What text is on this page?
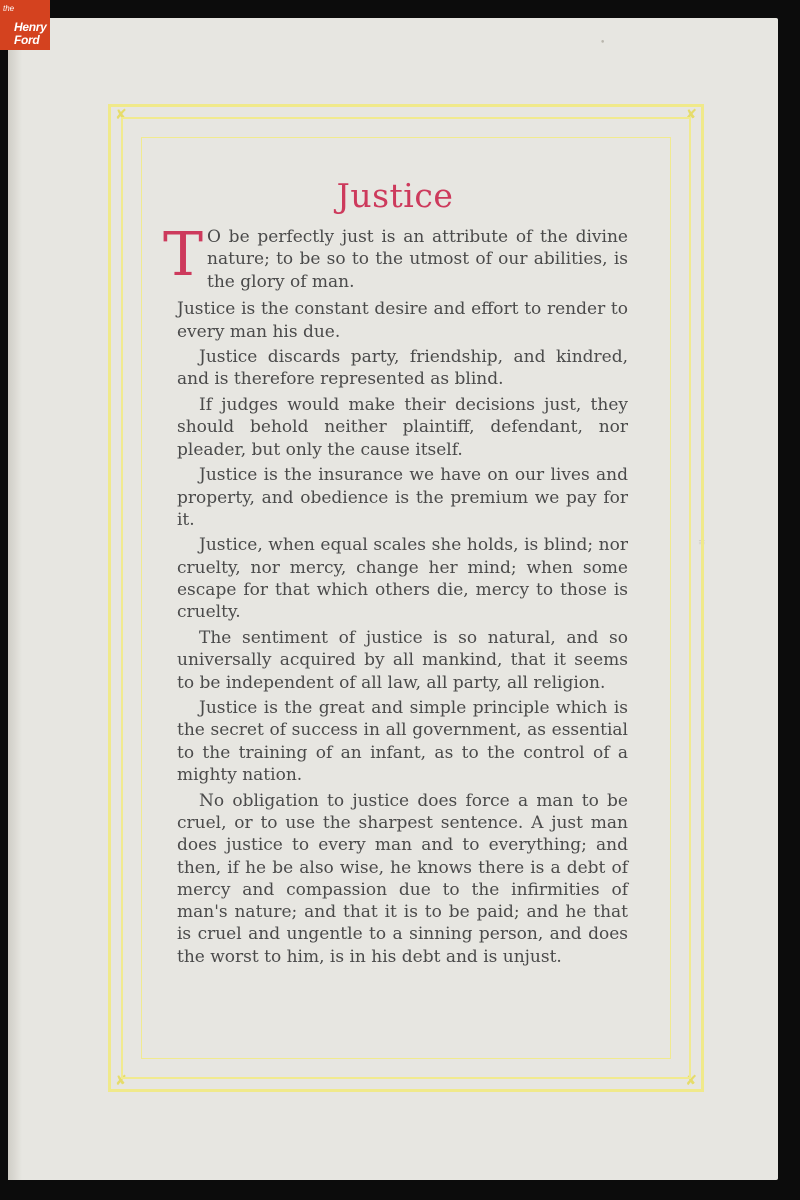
the
Henry
Ford	•
≡
✘	✘
✘	✘
Justice

T O be perfectly just is an attribute of the divine nature; to be so to the utmost of our abilities, is the glory of man.

Justice is the constant desire and effort to render to every man his due.

Justice discards party, friendship, and kindred, and is therefore represented as blind.

If judges would make their decisions just, they should behold neither plaintiff, defendant, nor pleader, but only the cause itself.

Justice is the insurance we have on our lives and property, and obedience is the premium we pay for it.

Justice, when equal scales she holds, is blind; nor cruelty, nor mercy, change her mind; when some escape for that which others die, mercy to those is cruelty.

The sentiment of justice is so natural, and so universally acquired by all mankind, that it seems to be independent of all law, all party, all religion.

Justice is the great and simple principle which is the secret of success in all government, as essential to the training of an infant, as to the control of a mighty nation.

No obligation to justice does force a man to be cruel, or to use the sharpest sentence. A just man does justice to every man and to everything; and then, if he be also wise, he knows there is a debt of mercy and compassion due to the infirmities of man's nature; and that it is to be paid; and he that is cruel and ungentle to a sinning person, and does the worst to him, is in his debt and is unjust.
